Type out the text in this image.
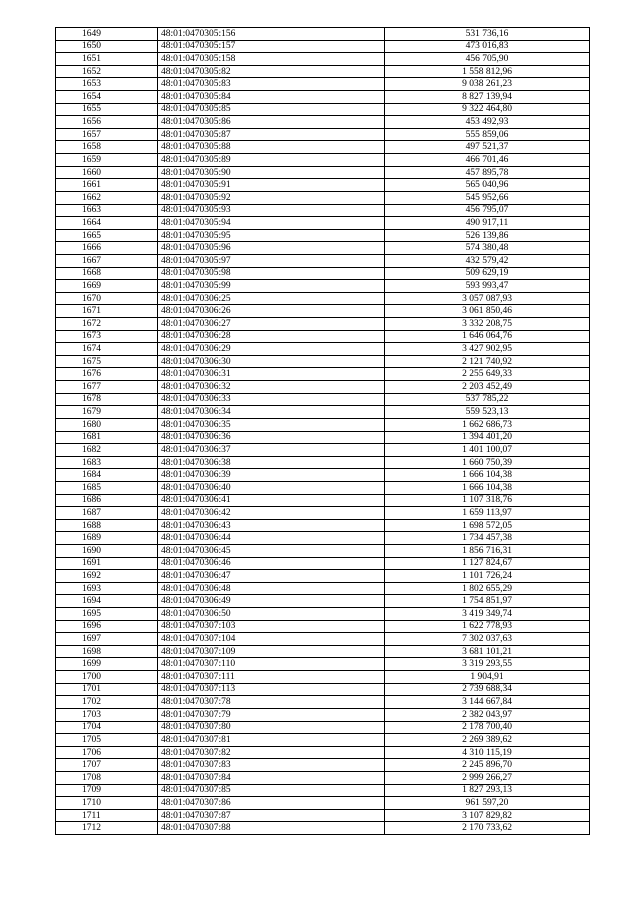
1649	48:01:0470305:156	531 736,16
1650	48:01:0470305:157	473 016,83
1651	48:01:0470305:158	456 705,90
1652	48:01:0470305:82	1 558 812,96
1653	48:01:0470305:83	9 038 261,23
1654	48:01:0470305:84	8 827 139,94
1655	48:01:0470305:85	9 322 464,80
1656	48:01:0470305:86	453 492,93
1657	48:01:0470305:87	555 859,06
1658	48:01:0470305:88	497 521,37
1659	48:01:0470305:89	466 701,46
1660	48:01:0470305:90	457 895,78
1661	48:01:0470305:91	565 040,96
1662	48:01:0470305:92	545 952,66
1663	48:01:0470305:93	456 795,07
1664	48:01:0470305:94	490 917,11
1665	48:01:0470305:95	526 139,86
1666	48:01:0470305:96	574 380,48
1667	48:01:0470305:97	432 579,42
1668	48:01:0470305:98	509 629,19
1669	48:01:0470305:99	593 993,47
1670	48:01:0470306:25	3 057 087,93
1671	48:01:0470306:26	3 061 850,46
1672	48:01:0470306:27	3 332 208,75
1673	48:01:0470306:28	1 646 064,76
1674	48:01:0470306:29	3 427 902,95
1675	48:01:0470306:30	2 121 740,92
1676	48:01:0470306:31	2 255 649,33
1677	48:01:0470306:32	2 203 452,49
1678	48:01:0470306:33	537 785,22
1679	48:01:0470306:34	559 523,13
1680	48:01:0470306:35	1 662 686,73
1681	48:01:0470306:36	1 394 401,20
1682	48:01:0470306:37	1 401 100,07
1683	48:01:0470306:38	1 660 750,39
1684	48:01:0470306:39	1 666 104,38
1685	48:01:0470306:40	1 666 104,38
1686	48:01:0470306:41	1 107 318,76
1687	48:01:0470306:42	1 659 113,97
1688	48:01:0470306:43	1 698 572,05
1689	48:01:0470306:44	1 734 457,38
1690	48:01:0470306:45	1 856 716,31
1691	48:01:0470306:46	1 127 824,67
1692	48:01:0470306:47	1 101 726,24
1693	48:01:0470306:48	1 802 655,29
1694	48:01:0470306:49	1 754 851,97
1695	48:01:0470306:50	3 419 349,74
1696	48:01:0470307:103	1 622 778,93
1697	48:01:0470307:104	7 302 037,63
1698	48:01:0470307:109	3 681 101,21
1699	48:01:0470307:110	3 319 293,55
1700	48:01:0470307:111	1 904,91
1701	48:01:0470307:113	2 739 688,34
1702	48:01:0470307:78	3 144 667,84
1703	48:01:0470307:79	2 382 043,97
1704	48:01:0470307:80	2 178 700,40
1705	48:01:0470307:81	2 269 389,62
1706	48:01:0470307:82	4 310 115,19
1707	48:01:0470307:83	2 245 896,70
1708	48:01:0470307:84	2 999 266,27
1709	48:01:0470307:85	1 827 293,13
1710	48:01:0470307:86	961 597,20
1711	48:01:0470307:87	3 107 829,82
1712	48:01:0470307:88	2 170 733,62
